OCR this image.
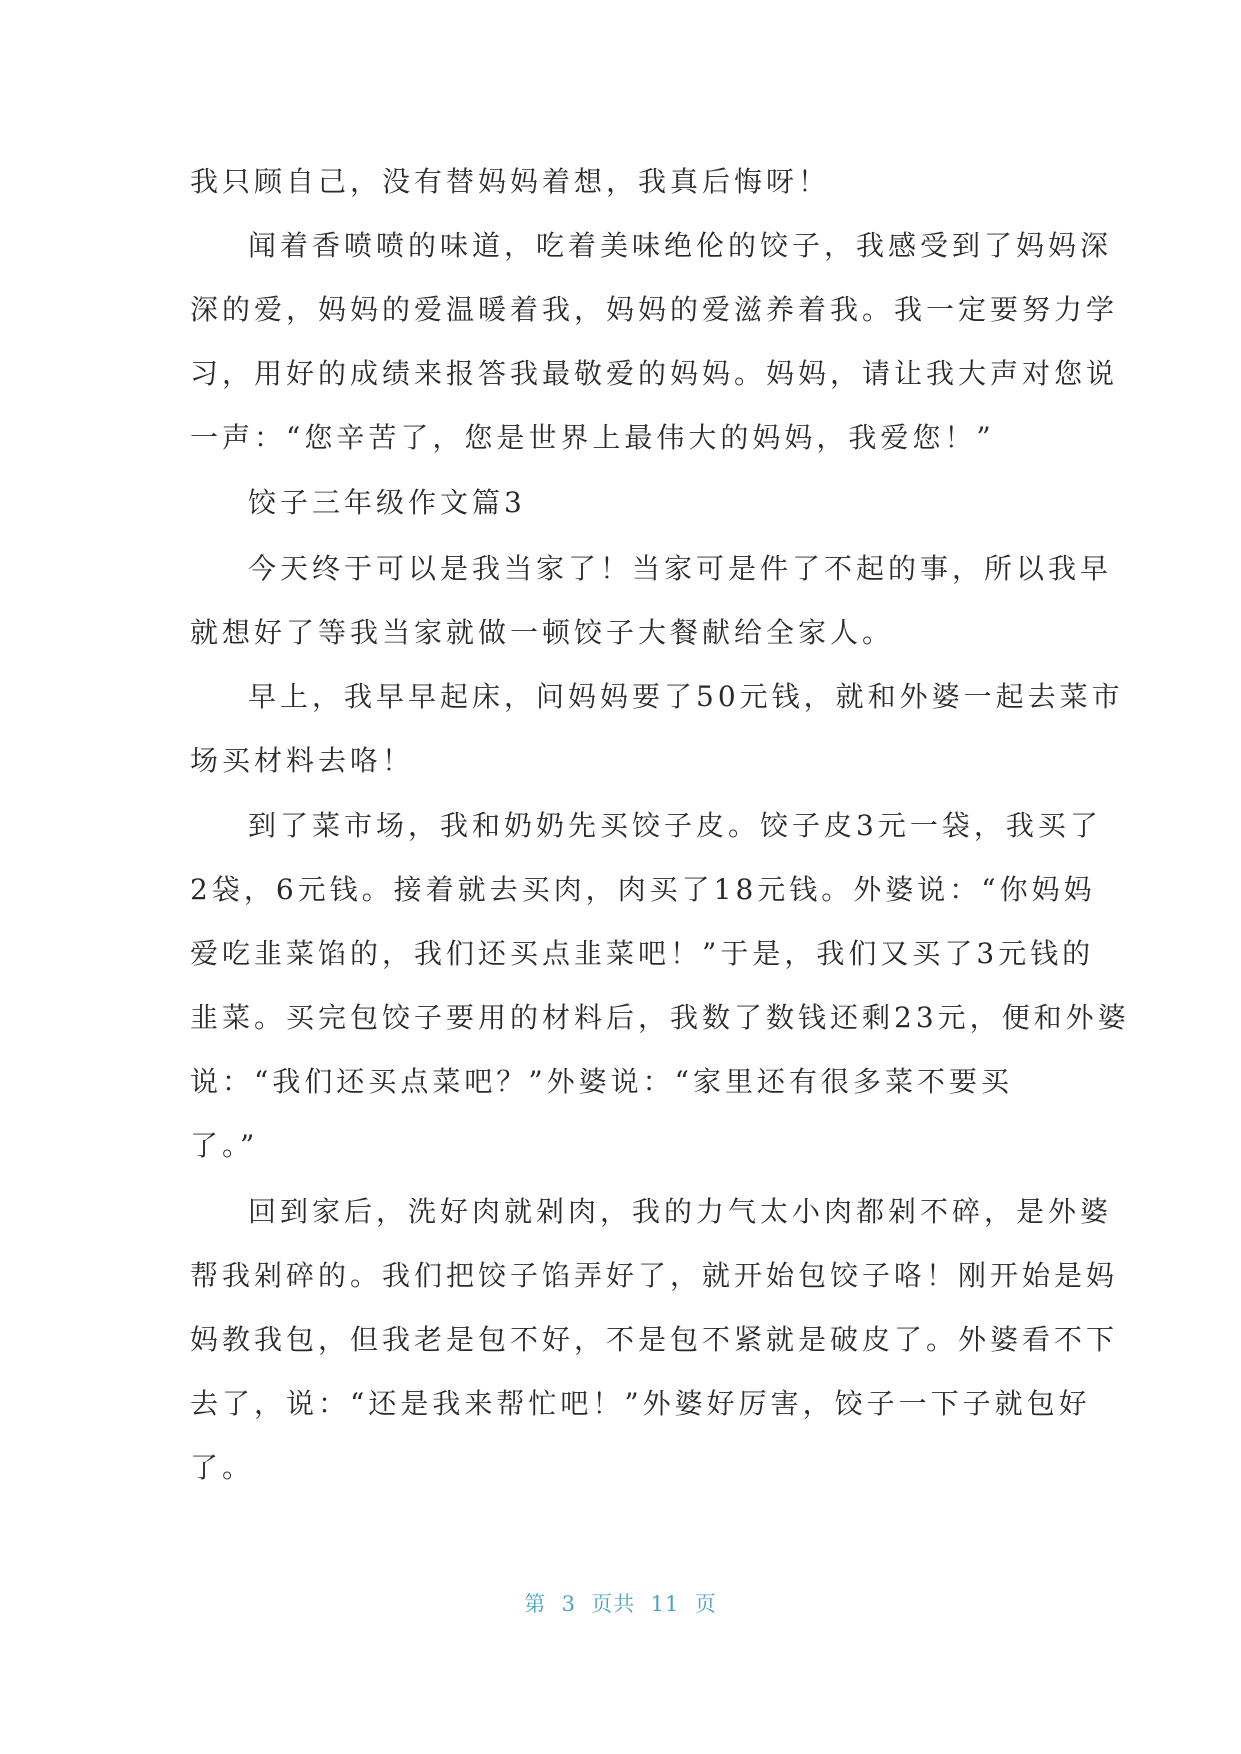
我只顾自己，没有替妈妈着想，我真后悔呀！
闻着香喷喷的味道，吃着美味绝伦的饺子，我感受到了妈妈深
深的爱，妈妈的爱温暖着我，妈妈的爱滋养着我。我一定要努力学
习，用好的成绩来报答我最敬爱的妈妈。妈妈，请让我大声对您说
一声：“您辛苦了，您是世界上最伟大的妈妈，我爱您！”
饺子三年级作文篇3
今天终于可以是我当家了！当家可是件了不起的事，所以我早
就想好了等我当家就做一顿饺子大餐献给全家人。
早上，我早早起床，问妈妈要了50元钱，就和外婆一起去菜市
场买材料去咯！
到了菜市场，我和奶奶先买饺子皮。饺子皮3元一袋，我买了
2袋，6元钱。接着就去买肉，肉买了18元钱。外婆说：“你妈妈
爱吃韭菜馅的，我们还买点韭菜吧！”于是，我们又买了3元钱的
韭菜。买完包饺子要用的材料后，我数了数钱还剩23元，便和外婆
说：“我们还买点菜吧？”外婆说：“家里还有很多菜不要买
了。”
回到家后，洗好肉就剁肉，我的力气太小肉都剁不碎，是外婆
帮我剁碎的。我们把饺子馅弄好了，就开始包饺子咯！刚开始是妈
妈教我包，但我老是包不好，不是包不紧就是破皮了。外婆看不下
去了，说：“还是我来帮忙吧！”外婆好厉害，饺子一下子就包好
了。
第  3  页共  11  页
